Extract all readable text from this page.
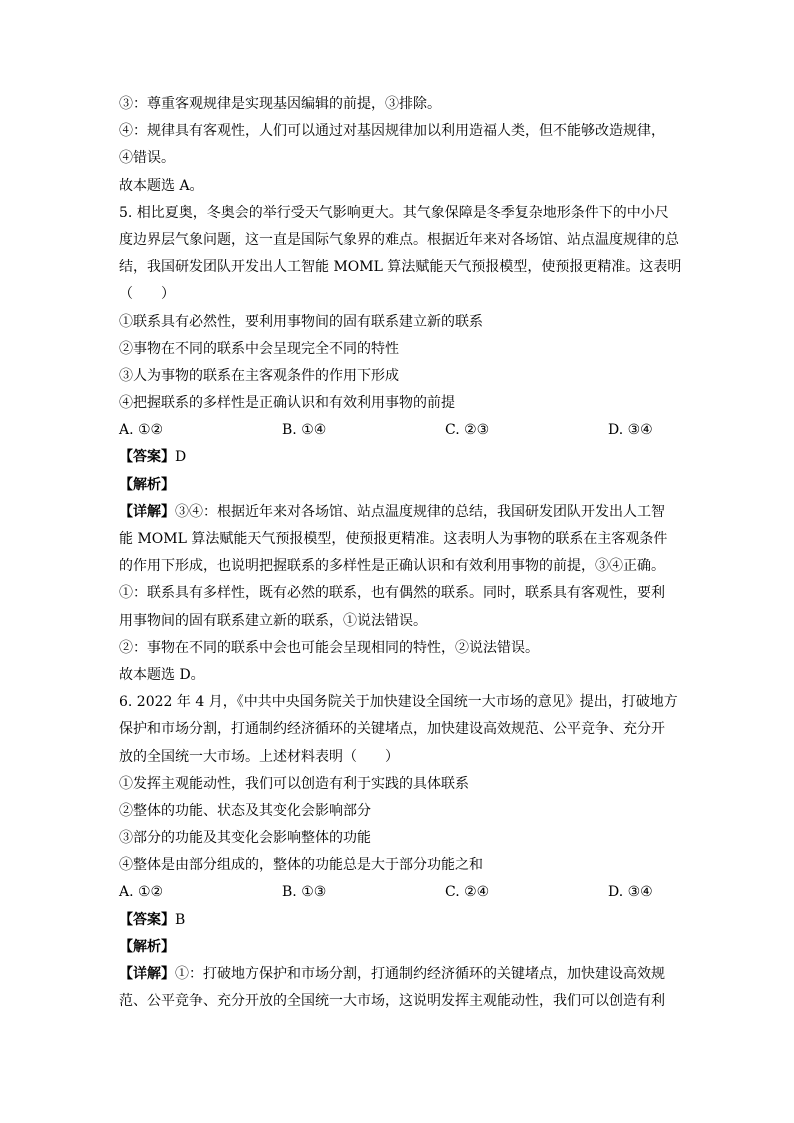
③：尊重客观规律是实现基因编辑的前提，③排除。
④：规律具有客观性，人们可以通过对基因规律加以利用造福人类，但不能够改造规律，
④错误。
故本题选 A。
5. 相比夏奥，冬奥会的举行受天气影响更大。其气象保障是冬季复杂地形条件下的中小尺
度边界层气象问题，这一直是国际气象界的难点。根据近年来对各场馆、站点温度规律的总
结，我国研发团队开发出人工智能 MOML 算法赋能天气预报模型，使预报更精准。这表明
（　　）
①联系具有必然性，要利用事物间的固有联系建立新的联系
②事物在不同的联系中会呈现完全不同的特性
③人为事物的联系在主客观条件的作用下形成
④把握联系的多样性是正确认识和有效利用事物的前提
A. ①②	B. ①④	C. ②③	D. ③④
【答案】D
【解析】
【详解】③④：根据近年来对各场馆、站点温度规律的总结，我国研发团队开发出人工智
能 MOML 算法赋能天气预报模型，使预报更精准。这表明人为事物的联系在主客观条件
的作用下形成，也说明把握联系的多样性是正确认识和有效利用事物的前提，③④正确。
①：联系具有多样性，既有必然的联系，也有偶然的联系。同时，联系具有客观性，要利
用事物间的固有联系建立新的联系，①说法错误。
②：事物在不同的联系中会也可能会呈现相同的特性，②说法错误。
故本题选 D。
6. 2022 年 4 月，《中共中央国务院关于加快建设全国统一大市场的意见》提出，打破地方
保护和市场分割，打通制约经济循环的关键堵点，加快建设高效规范、公平竞争、充分开
放的全国统一大市场。上述材料表明（　　）
①发挥主观能动性，我们可以创造有利于实践的具体联系
②整体的功能、状态及其变化会影响部分
③部分的功能及其变化会影响整体的功能
④整体是由部分组成的，整体的功能总是大于部分功能之和
A. ①②	B. ①③	C. ②④	D. ③④
【答案】B
【解析】
【详解】①：打破地方保护和市场分割，打通制约经济循环的关键堵点，加快建设高效规
范、公平竞争、充分开放的全国统一大市场，这说明发挥主观能动性，我们可以创造有利
